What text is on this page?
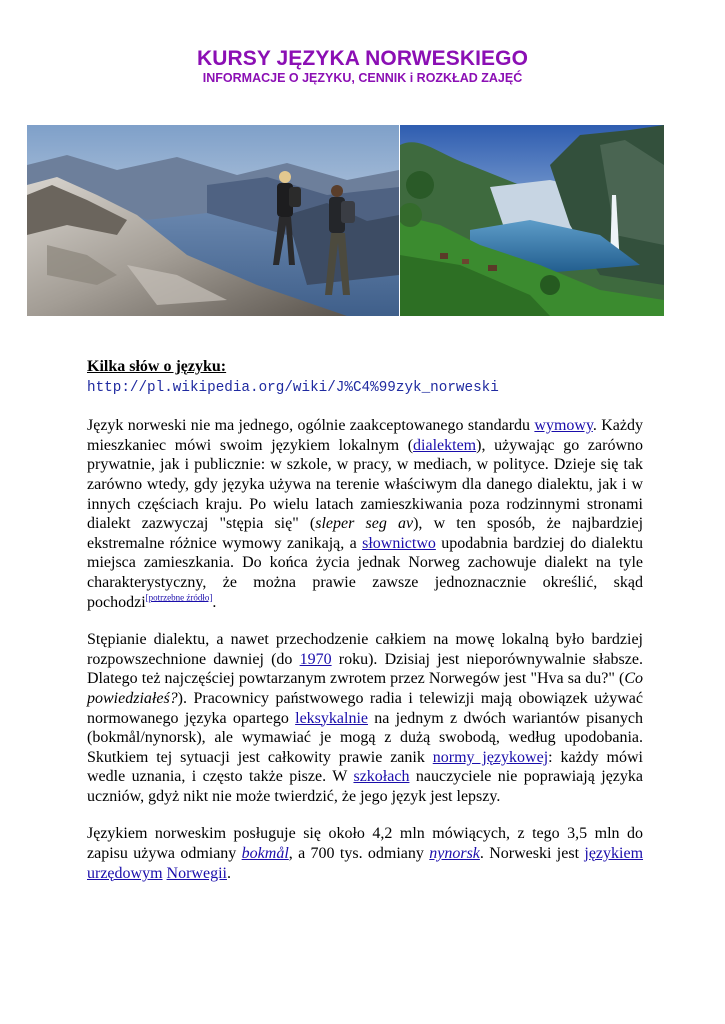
KURSY JĘZYKA NORWESKIEGO
INFORMACJE O JĘZYKU, CENNIK i ROZKŁAD ZAJĘĆ
Kilka słów o języku:
http://pl.wikipedia.org/wiki/J%C4%99zyk_norweski

Język norweski nie ma jednego, ogólnie zaakceptowanego standardu wymowy. Każdy mieszkaniec mówi swoim językiem lokalnym (dialektem), używając go zarówno prywatnie, jak i publicznie: w szkole, w pracy, w mediach, w polityce. Dzieje się tak zarówno wtedy, gdy języka używa na terenie właściwym dla danego dialektu, jak i w innych częściach kraju. Po wielu latach zamieszkiwania poza rodzinnymi stronami dialekt zazwyczaj "stępia się" (sleper seg av), w ten sposób, że najbardziej ekstremalne różnice wymowy zanikają, a słownictwo upodabnia bardziej do dialektu miejsca zamieszkania. Do końca życia jednak Norweg zachowuje dialekt na tyle charakterystyczny, że można prawie zawsze jednoznacznie określić, skąd pochodzi[potrzebne źródło].

Stępianie dialektu, a nawet przechodzenie całkiem na mowę lokalną było bardziej rozpowszechnione dawniej (do 1970 roku). Dzisiaj jest nieporównywalnie słabsze. Dlatego też najczęściej powtarzanym zwrotem przez Norwegów jest "Hva sa du?" (Co powiedziałeś?). Pracownicy państwowego radia i telewizji mają obowiązek używać normowanego języka opartego leksykalnie na jednym z dwóch wariantów pisanych (bokmål/nynorsk), ale wymawiać je mogą z dużą swobodą, według upodobania. Skutkiem tej sytuacji jest całkowity prawie zanik normy językowej: każdy mówi wedle uznania, i często także pisze. W szkołach nauczyciele nie poprawiają języka uczniów, gdyż nikt nie może twierdzić, że jego język jest lepszy.

Językiem norweskim posługuje się około 4,2 mln mówiących, z tego 3,5 mln do zapisu używa odmiany bokmål, a 700 tys. odmiany nynorsk. Norweski jest językiem urzędowym Norwegii.
